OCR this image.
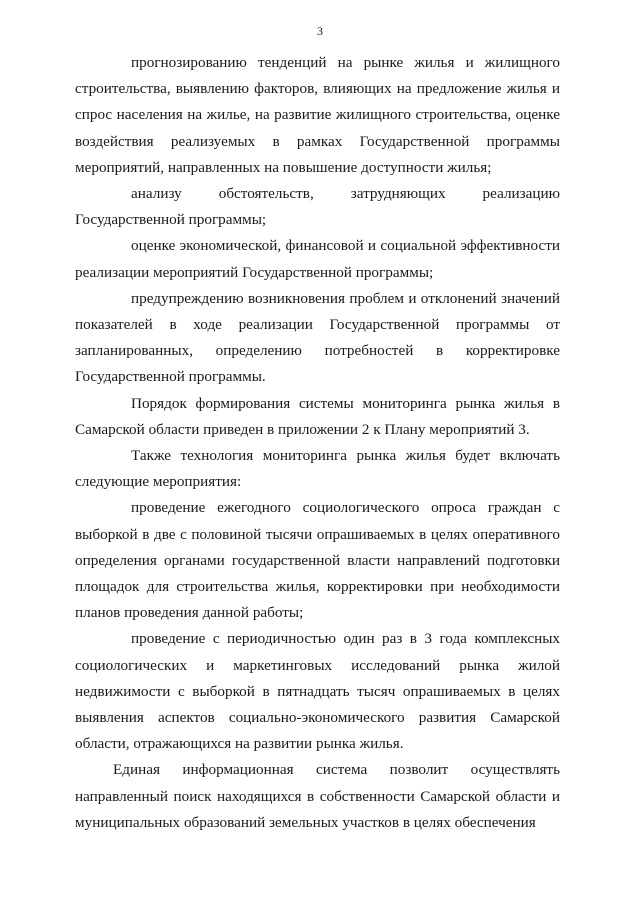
3

прогнозированию тенденций на рынке жилья и жилищного строительства, выявлению факторов, влияющих на предложение жилья и спрос населения на жилье, на развитие жилищного строительства, оценке воздействия реализуемых в рамках Государственной программы мероприятий, направленных на повышение доступности жилья;

анализу обстоятельств, затрудняющих реализацию Государственной программы;

оценке экономической, финансовой и социальной эффективности реализации мероприятий Государственной программы;

предупреждению возникновения проблем и отклонений значений показателей в ходе реализации Государственной программы от запланированных, определению потребностей в корректировке Государственной программы.

Порядок формирования системы мониторинга рынка жилья в Самарской области приведен в приложении 2 к Плану мероприятий 3.

Также технология мониторинга рынка жилья будет включать следующие мероприятия:

проведение ежегодного социологического опроса граждан с выборкой в две с половиной тысячи опрашиваемых в целях оперативного определения органами государственной власти направлений подготовки площадок для строительства жилья, корректировки при необходимости планов проведения данной работы;

проведение с периодичностью один раз в 3 года комплексных социологических и маркетинговых исследований рынка жилой недвижимости с выборкой в пятнадцать тысяч опрашиваемых в целях выявления аспектов социально-экономического развития Самарской области, отражающихся на развитии рынка жилья.

Единая информационная система позволит осуществлять направленный поиск находящихся в собственности Самарской области и муниципальных образований земельных участков в целях обеспечения
